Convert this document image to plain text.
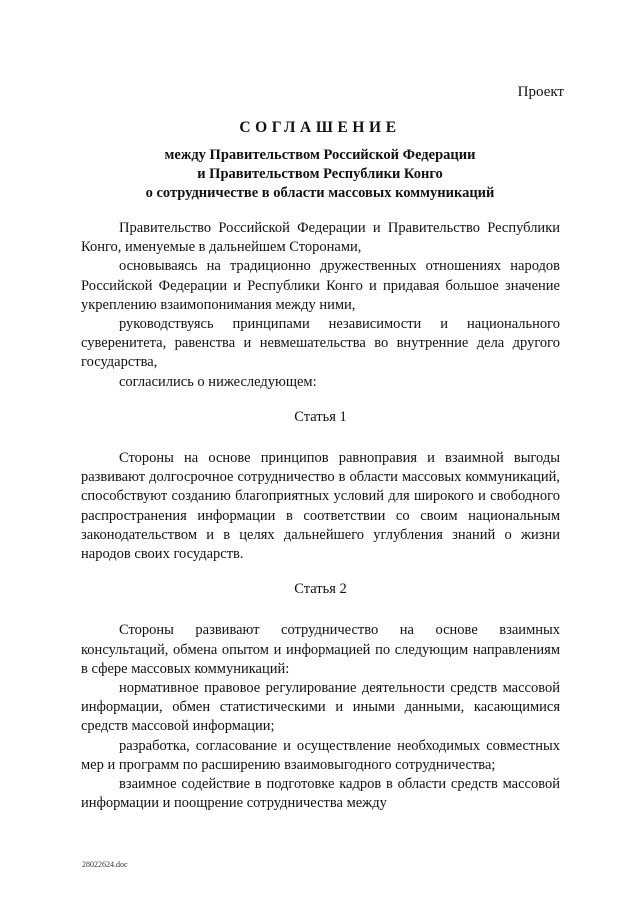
Проект
СОГЛАШЕНИЕ
между Правительством Российской Федерации
и Правительством Республики Конго
о сотрудничестве в области массовых коммуникаций

Правительство Российской Федерации и Правительство Республики Конго, именуемые в дальнейшем Сторонами,

основываясь на традиционно дружественных отношениях народов Российской Федерации и Республики Конго и придавая большое значение укреплению взаимопонимания между ними,

руководствуясь принципами независимости и национального суверенитета, равенства и невмешательства во внутренние дела другого государства,

согласились о нижеследующем:

Статья 1

Стороны на основе принципов равноправия и взаимной выгоды развивают долгосрочное сотрудничество в области массовых коммуникаций, способствуют созданию благоприятных условий для широкого и свободного распространения информации в соответствии со своим национальным законодательством и в целях дальнейшего углубления знаний о жизни народов своих государств.

Статья 2

Стороны развивают сотрудничество на основе взаимных консультаций, обмена опытом и информацией по следующим направлениям в сфере массовых коммуникаций:

нормативное правовое регулирование деятельности средств массовой информации, обмен статистическими и иными данными, касающимися средств массовой информации;

разработка, согласование и осуществление необходимых совместных мер и программ по расширению взаимовыгодного сотрудничества;

взаимное содействие в подготовке кадров в области средств массовой информации и поощрение сотрудничества между

28022624.doc
